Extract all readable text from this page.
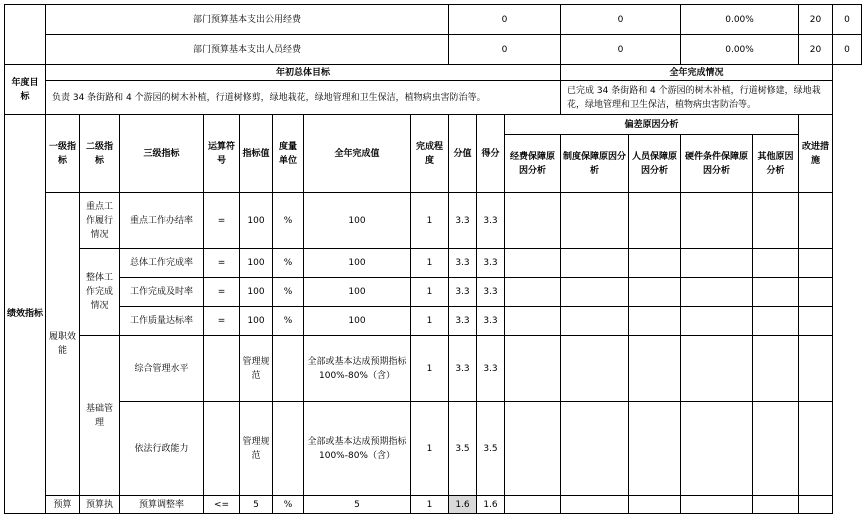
	部门预算基本支出公用经费								0			0		0.00%		20	0
	部门预算基本支出人员经费								0			0		0.00%		20	0

年度目
标	年初总体目标											全年完成情况					
	负责 34 条街路和 4 个游园的树木补植，行道树修剪，绿地栽花，绿地管理和卫生保洁，植物病虫害防治等。											已完成 34 条街路和 4 个游园的树木补植，行道树修建，绿地栽花，绿地管理和卫生保洁，植物病虫害防治等。					
绩效指标	一级指标	二级指标	三级指标	运算符号	指标值	度量单位	全年完成值	完成程度	分值	得分	偏差原因分析					改进措施	
											经费保障原因分析	制度保障原因分析	人员保障原因分析	硬件条件保障原因分析	其他原因分析		
	履职效能	重点工作履行情况	重点工作办结率	=	100	%	100	1	3.3	3.3							
		整体工作完成情况	总体工作完成率	=	100	%	100	1	3.3	3.3							
			工作完成及时率	=	100	%	100	1	3.3	3.3							
			工作质量达标率	=	100	%	100	1	3.3	3.3							
		基础管理	综合管理水平		管理规范		全部或基本达成预期指标 100%-80%（含）	1	3.3	3.3							
			依法行政能力		管理规范		全部或基本达成预期指标 100%-80%（含）	1	3.5	3.5							
	预算	预算执	预算调整率	<=	5	%	5	1	1.6	1.6							
